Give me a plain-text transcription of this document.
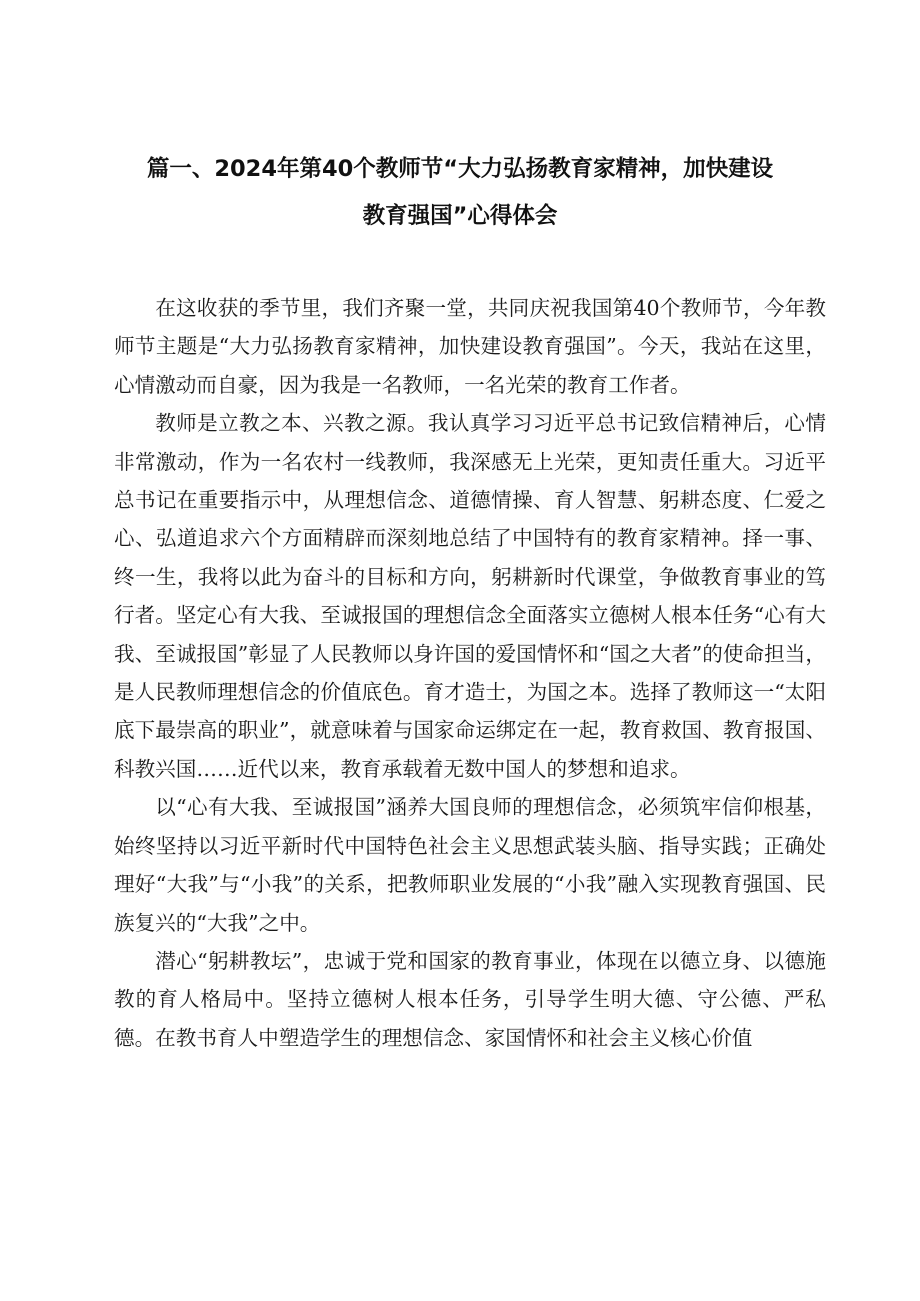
篇一、2024年第40个教师节“大力弘扬教育家精神，加快建设
教育强国”心得体会

在这收获的季节里，我们齐聚一堂，共同庆祝我国第40个教师节，今年教师节主题是“大力弘扬教育家精神，加快建设教育强国”。今天，我站在这里，心情激动而自豪，因为我是一名教师，一名光荣的教育工作者。

教师是立教之本、兴教之源。我认真学习习近平总书记致信精神后，心情非常激动，作为一名农村一线教师，我深感无上光荣，更知责任重大。习近平总书记在重要指示中，从理想信念、道德情操、育人智慧、躬耕态度、仁爱之心、弘道追求六个方面精辟而深刻地总结了中国特有的教育家精神。择一事、终一生，我将以此为奋斗的目标和方向，躬耕新时代课堂，争做教育事业的笃行者。坚定心有大我、至诚报国的理想信念全面落实立德树人根本任务“心有大我、至诚报国”彰显了人民教师以身许国的爱国情怀和“国之大者”的使命担当，是人民教师理想信念的价值底色。育才造士，为国之本。选择了教师这一“太阳底下最崇高的职业”，就意味着与国家命运绑定在一起，教育救国、教育报国、科教兴国……近代以来，教育承载着无数中国人的梦想和追求。

以“心有大我、至诚报国”涵养大国良师的理想信念，必须筑牢信仰根基，始终坚持以习近平新时代中国特色社会主义思想武装头脑、指导实践；正确处理好“大我”与“小我”的关系，把教师职业发展的“小我”融入实现教育强国、民族复兴的“大我”之中。

潜心“躬耕教坛”，忠诚于党和国家的教育事业，体现在以德立身、以德施教的育人格局中。坚持立德树人根本任务，引导学生明大德、守公德、严私德。在教书育人中塑造学生的理想信念、家国情怀和社会主义核心价值
